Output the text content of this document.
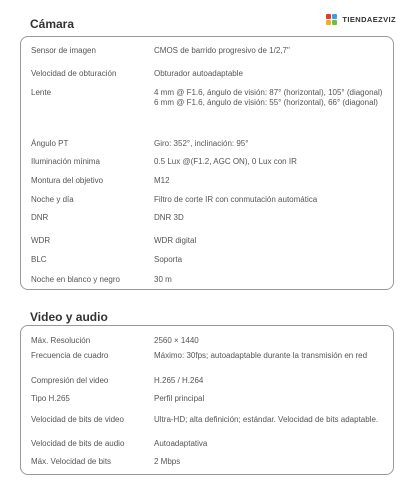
Cámara	TIENDAEZVIZ
Sensor de imagen	CMOS de barrido progresivo de 1/2,7"
Velocidad de obturación	Obturador autoadaptable
Lente	4 mm @ F1.6, ángulo de visión: 87° (horizontal), 105° (diagonal)
6 mm @ F1.6, ángulo de visión: 55° (horizontal), 66° (diagonal)
Ángulo PT	Giro: 352°, inclinación: 95°
Iluminación mínima	0.5 Lux @(F1.2, AGC ON), 0 Lux con IR
Montura del objetivo	M12
Noche y día	Filtro de corte IR con conmutación automática
DNR	DNR 3D
WDR	WDR digital
BLC	Soporta
Noche en blanco y negro	30 m
Video y audio
Máx. Resolución	2560 × 1440
Frecuencia de cuadro	Máximo: 30fps; autoadaptable durante la transmisión en red
Compresión del video	H.265 / H.264
Tipo H.265	Perfil principal
Velocidad de bits de video	Ultra-HD; alta definición; estándar. Velocidad de bits adaptable.
Velocidad de bits de audio	Autoadaptativa
Máx. Velocidad de bits	2 Mbps
